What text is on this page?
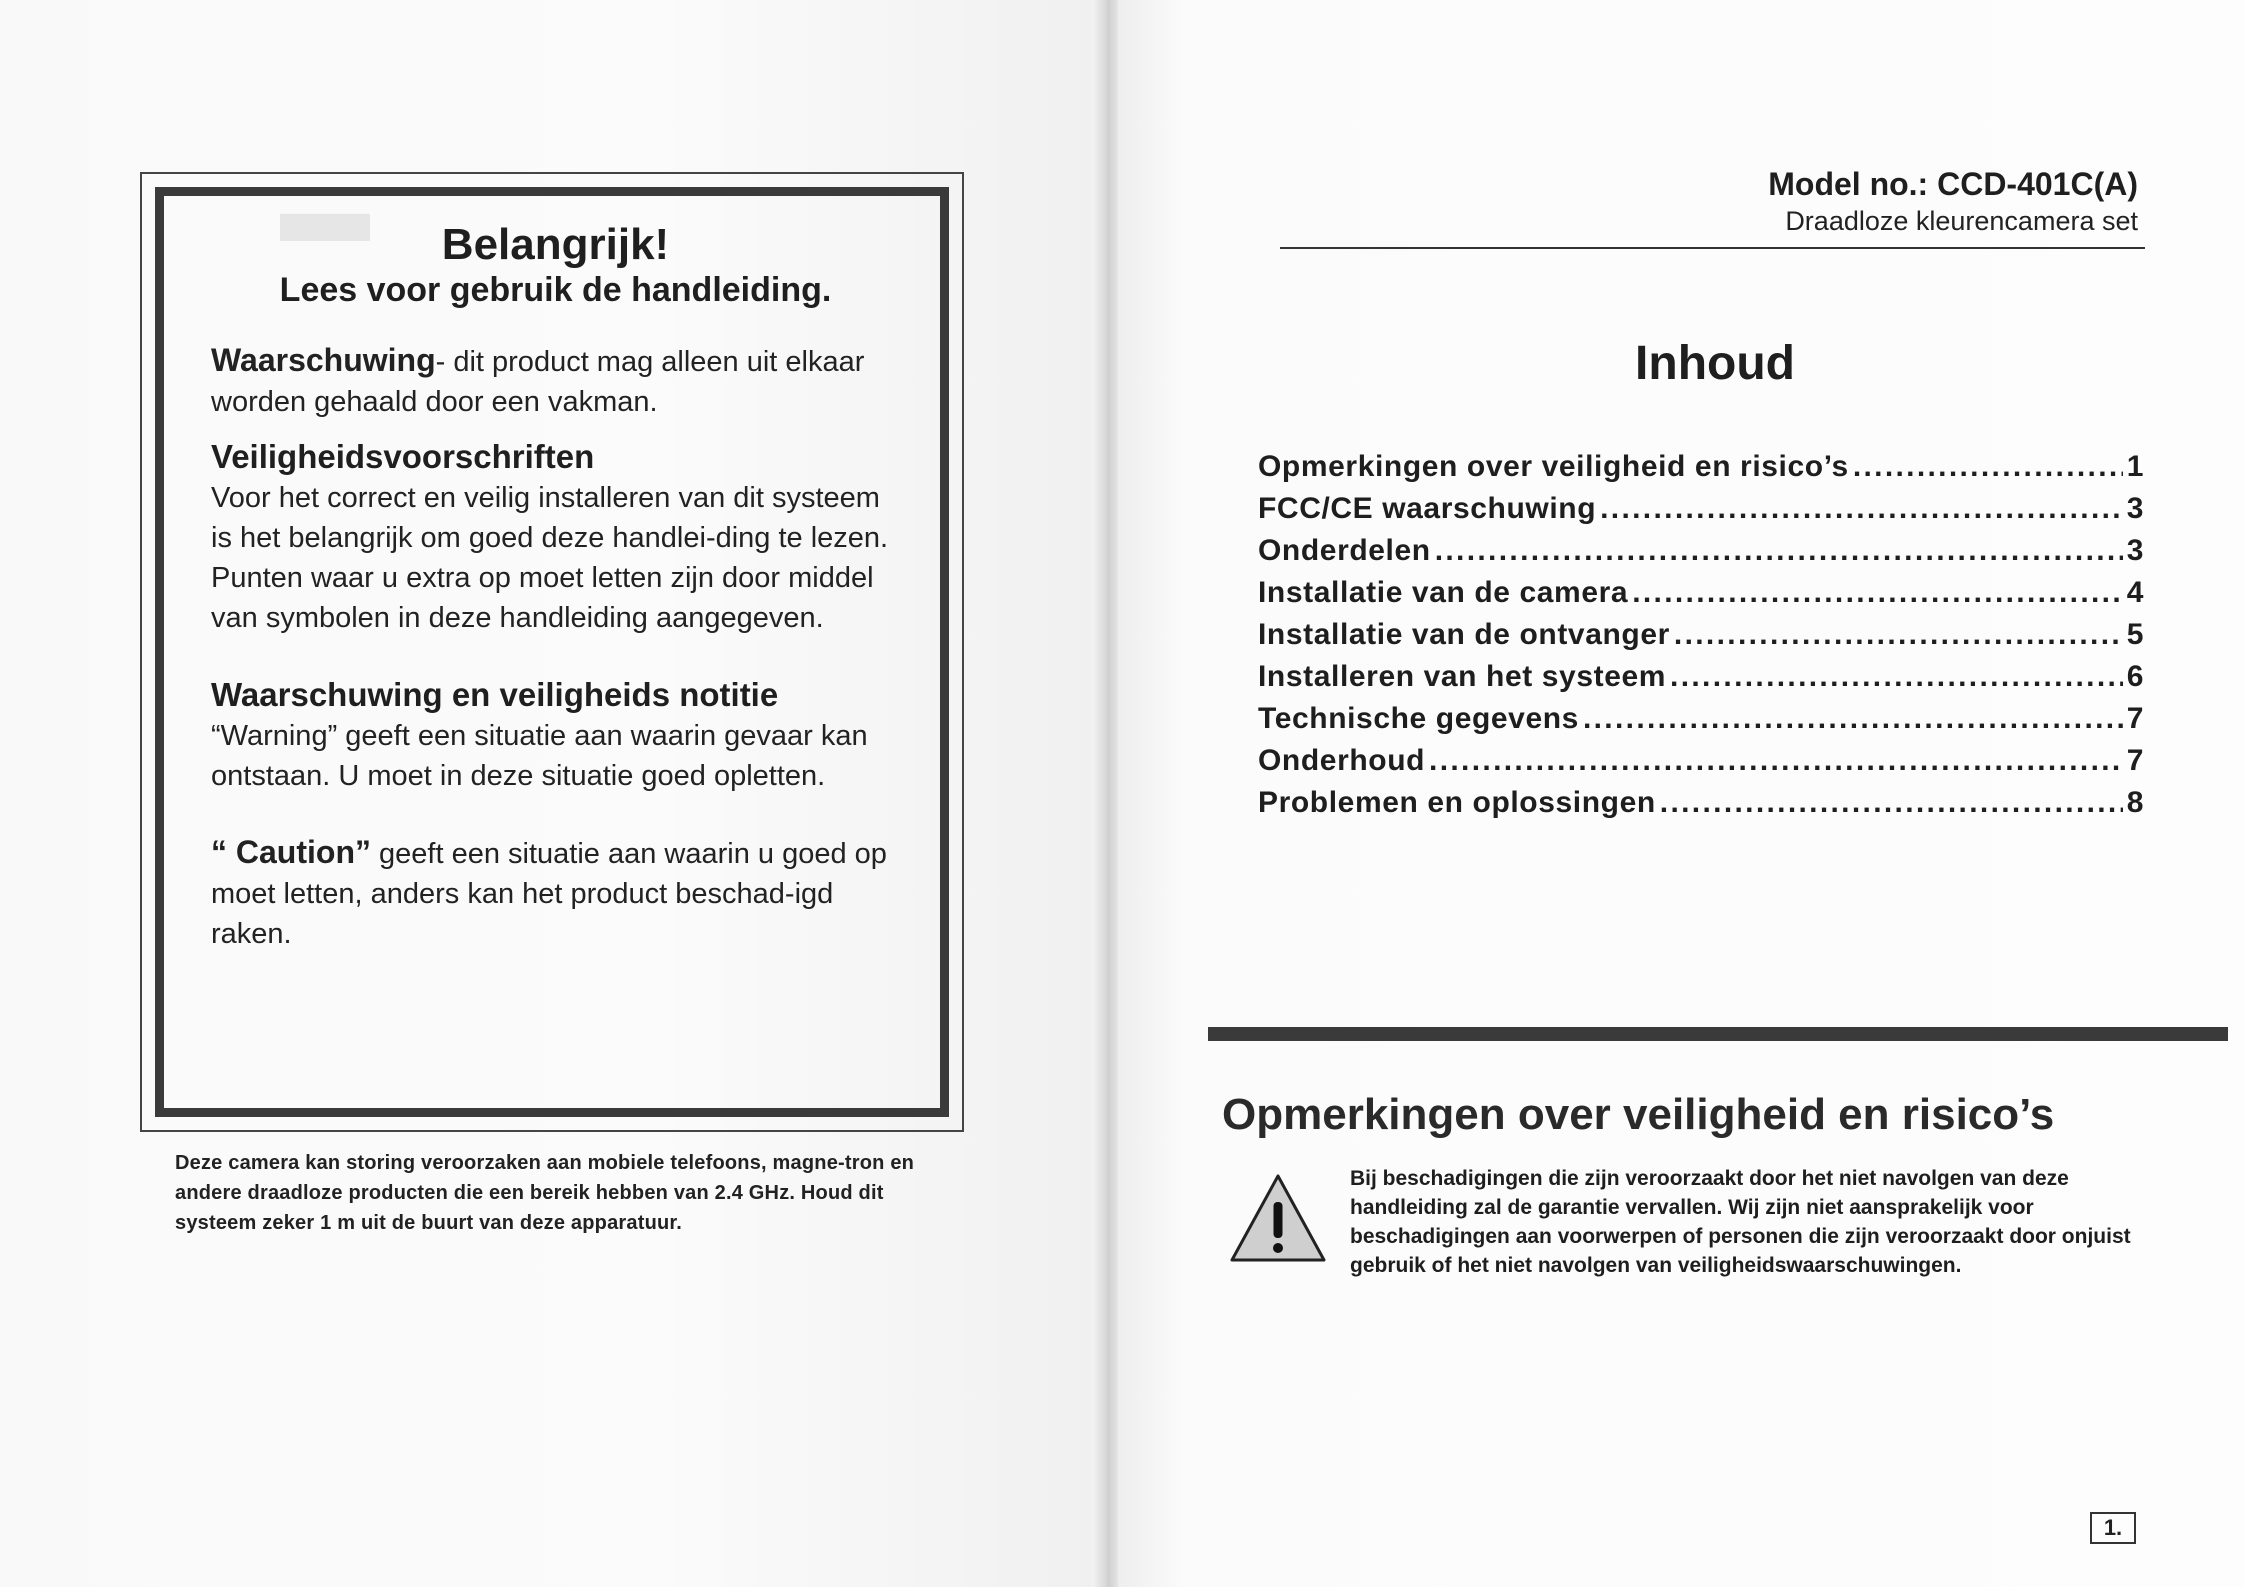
▬	Belangrijk!

Lees voor gebruik de handleiding.

Waarschuwing- dit product mag alleen uit elkaar worden gehaald door een vakman.

Veiligheidsvoorschriften

Voor het correct en veilig installeren van dit systeem is het belangrijk om goed deze handlei-ding te lezen. Punten waar u extra op moet letten zijn door middel van symbolen in deze handleiding aangegeven.

Waarschuwing en veiligheids notitie

“Warning” geeft een situatie aan waarin gevaar kan ontstaan. U moet in deze situatie goed opletten.

“ Caution” geeft een situatie aan waarin u goed op moet letten, anders kan het product beschad-igd raken.

Deze camera kan storing veroorzaken aan mobiele telefoons, magne-tron en andere draadloze producten die een bereik hebben van 2.4 GHz. Houd dit systeem zeker 1 m uit de buurt van deze apparatuur.
Model no.: CCD-401C(A)
Draadloze kleurencamera set
Inhoud
Opmerkingen over veiligheid en risico’s . . .	1
FCC/CE waarschuwing . . .	3
Onderdelen . . .	3
Installatie van de camera . . .	4
Installatie van de ontvanger . . .	5
Installeren van het systeem . . .	6
Technische gegevens . . .	7
Onderhoud . . .	7
Problemen en oplossingen . . .	8
Opmerkingen over veiligheid en risico’s
Bij beschadigingen die zijn veroorzaakt door het niet navolgen van deze handleiding zal de garantie vervallen. Wij zijn niet aansprakelijk voor beschadigingen aan voorwerpen of personen die zijn veroorzaakt door onjuist gebruik of het niet navolgen van veiligheidswaarschuwingen.
1.
